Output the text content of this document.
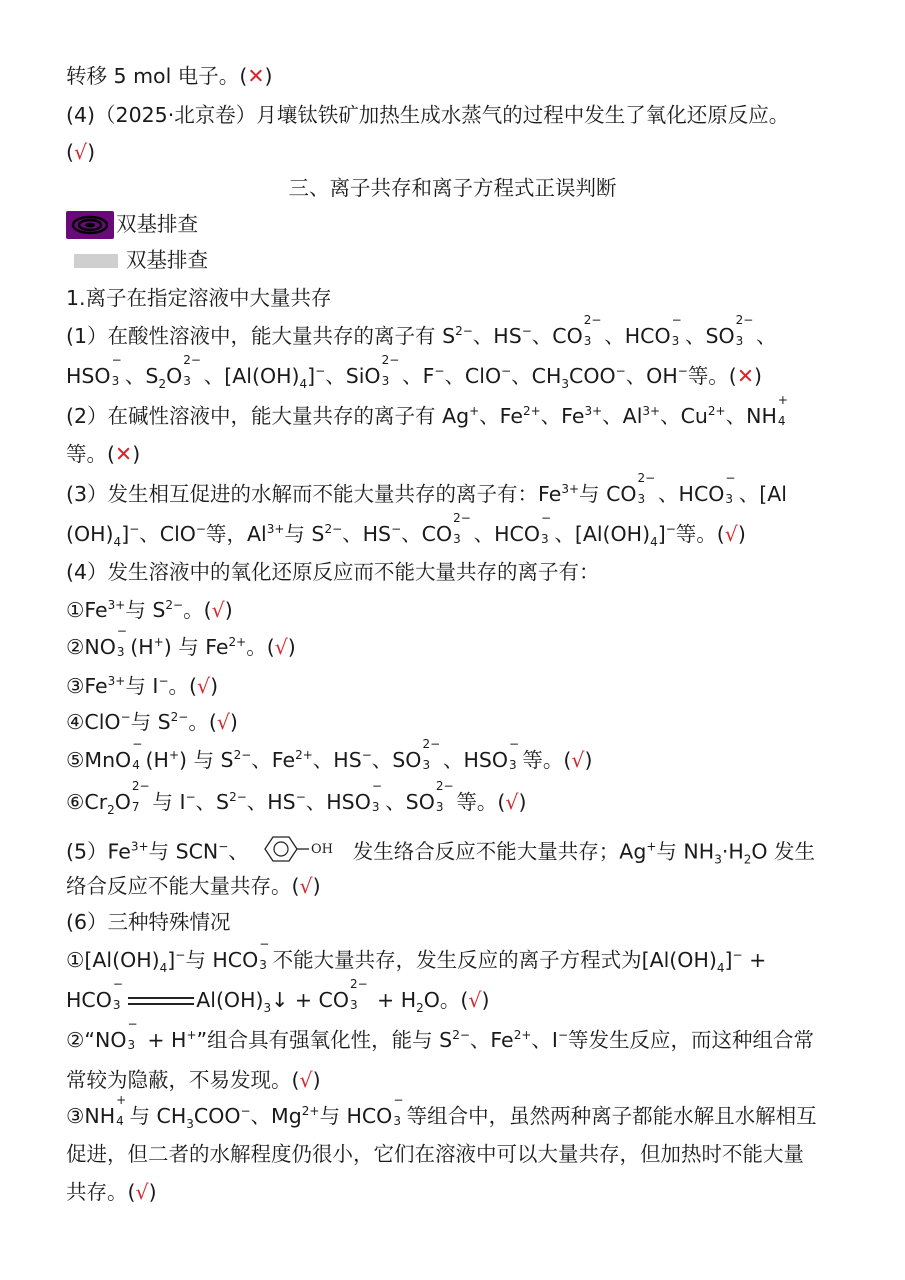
转移 5 mol 电子。(✕)
(4)（2025·北京卷）月壤钛铁矿加热生成水蒸气的过程中发生了氧化还原反应。
(√)
三、离子共存和离子方程式正误判断
双基排查
双基排查
1.离子在指定溶液中大量共存
(1）在酸性溶液中，能大量共存的离子有 $S^{2-}$、HS−、CO
2−
3 、HCO
−
3 、SO
2−
3 、
HSO
−
3 、$S_2O$
2−
3 、$[Al(OH)_4]^-$、SiO
2−
3 、F−、ClO−、$CH_3COO^-$、OH−等。(✕)
(2）在碱性溶液中，能大量共存的离子有 Ag+、$Fe^{2+}$、$Fe^{3+}$、$Al^{3+}$、$Cu^{2+}$、NH
+
4
等。(✕)
(3）发生相互促进的水解而不能大量共存的离子有：$Fe^{3+}$与 CO
2−
3 、HCO
−
3 、[Al
$(OH)_4]^-$、ClO−等，$Al^{3+}$与 $S^{2-}$、HS−、CO
2−
3 、HCO
−
3 、$[Al(OH)_4]^-$等。(√)
(4）发生溶液中的氧化还原反应而不能大量共存的离子有：
$①Fe^{3+}$与 $S^{2-}$。(√)
②NO
−
3 (H+) 与 $Fe^{2+}$。(√)
$③Fe^{3+}$与 I−。(√)
④ClO−与 $S^{2-}$。(√)
⑤MnO
−
4 (H+) 与 $S^{2-}$、$Fe^{2+}$、HS−、SO
2−
3 、HSO
−
3 等。(√)
$⑥Cr_2O$
2−
7 与 I−、$S^{2-}$、HS−、HSO
−
3 、SO
2−
3 等。(√)
$(5)Fe^{3+}$与 SCN−、	OH 发生络合反应不能大量共存；Ag+与 $NH_3\cdot H_2O$ 发生
络合反应不能大量共存。(√)
(6）三种特殊情况
$①[Al(OH)_4]^-$与 HCO
−
3 不能大量共存，发生反应的离子方程式为$[Al(OH)_4]^-$ +
HCO
−
3	$Al(OH)_3↓$ + CO
2−
$3 + H_2O$。(√)
②“NO
−
3 + H+”组合具有强氧化性，能与 $S^{2-}$、$Fe^{2+}$、I−等发生反应，而这种组合常
常较为隐蔽，不易发现。(√)
③NH
+
4 与 $CH_3COO^-$、$Mg^{2+}$与 HCO
−
3 等组合中，虽然两种离子都能水解且水解相互
促进，但二者的水解程度仍很小，它们在溶液中可以大量共存，但加热时不能大量
共存。(√)
